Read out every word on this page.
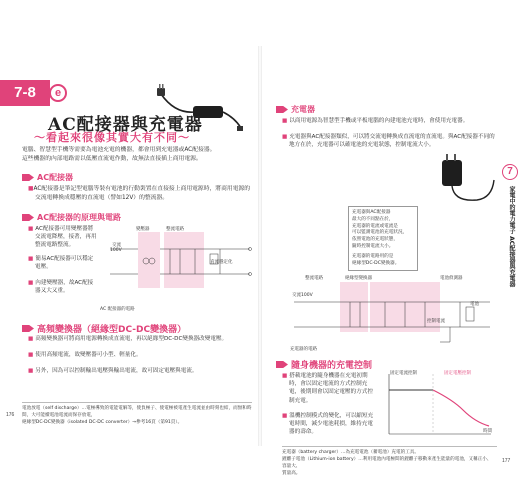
7-8	e
AC配接器與充電器
～看起來很像其實大有不同～
電腦、智慧型手機等需要為電池充電的機器，都會用到充電器或AC配接器。
這些機器的內部電路需以低壓直流電作動，故無法直接插上商用電源。
AC配接器
■AC配接器是筆記型電腦等裝有電池的行動裝置在直接接上商用電源時，將商用電源的
交流電轉換成穩壓的直流電（譬如12V）的整流器。
AC配接器的原理與電路
■ AC配接器可用變壓器將
交流電降壓，接著，再用
整流電路整流。
■ 簡易AC配接器可以穩定
電壓。
■ 內建變壓器，故AC配接
器又大又重。
交流
100V
變壓器	整流電路
直流穩定化
AC 配接器的電路
高頻變換器（絕緣型DC-DC變換器）
■ 高頻變換器可將商用電源轉換成直流電，再以絕緣型DC-DC變換器改變電壓。
■ 使用高頻電流，故變壓器可小型、輕量化。
■ 另外，因為可以控制輸出電壓與輸出電流，故可固定電壓與電流。
電池放電（self discharge）…電極導致的電能電解等，使負極子、使電極被電產生電流並由時刻也結，而無和時
間，大可能續電池電流而保存放電，
絕緣型DC-DC變換器（isolated DC-DC converter）→參考16頁（第91頁）。
176
充電器
■ 以商用電源為智慧型手機或平板電腦的內建電池充電時，會使用充電器。
■ 充電器與AC配接器類似，可以將交流電轉換成直流電的直流電。與AC配接器不同的
地方在於，充電器可以確電池的充電狀態，控制電流大小。
充電器與AC配接器
最大的不同點在於，
充電器的電流或電流是
可以監測電池的充電狀況，
依照電池的充電狀態，
隨時控制電流大小。
充電器的電路用的是
絕緣型DC-DC變換器。
整流電路	絕緣型變換器	電池偵測器
交流100V
電池
控制電流
充電器的電路
隨身機器的充電控制
■ 搭載電池的隨身機器在充電初期
時，會以固定電流的方式控制充
電，後期則會以固定電壓的方式控
制充電。
■ 溫機控制模式的變化，可以縮短充
電時間，減少電池耗損，維持充電
器的壽命。
固定電流控制	固定電壓控制
時間
充電器（battery charger）…為充電電池（蓄電池）充電的工具。
鋰離子電池（Lithium-ion battery）…利用電池內電極間的鋰離子移動來產生能量的電池，又稱正小、容量大、
質量高。
177
7
家電中的電力電子 AC配接器與充電器
